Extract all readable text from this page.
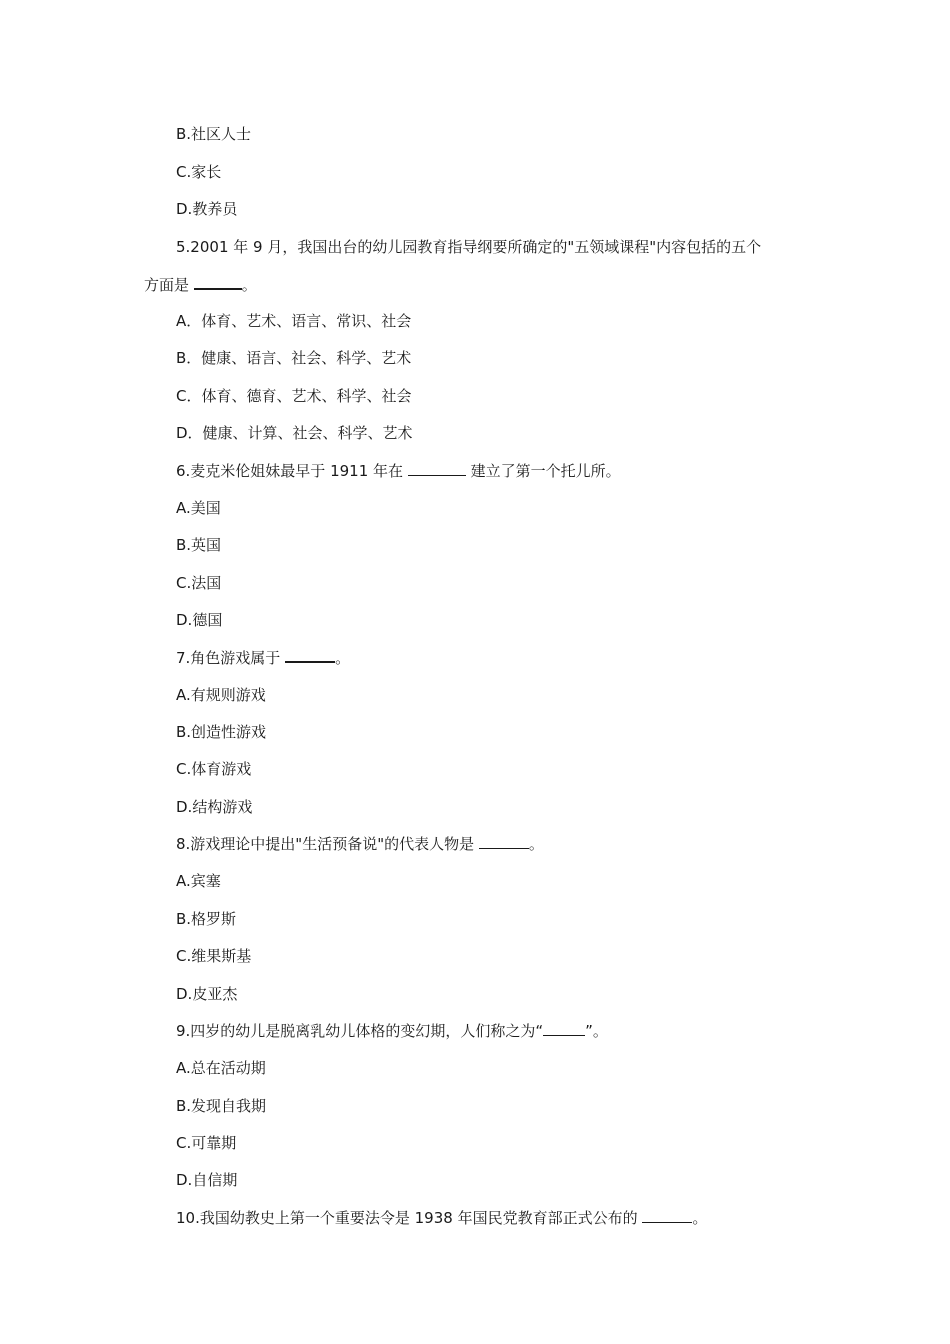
B.社区人士
C.家长
D.教养员
5.2001 年 9 月，我国出台的幼儿园教育指导纲要所确定的"五领域课程"内容包括的五个
方面是	。
A．体育、艺术、语言、常识、社会
B．健康、语言、社会、科学、艺术
C．体育、德育、艺术、科学、社会
D．健康、计算、社会、科学、艺术
6.麦克米伦姐妹最早于 1911 年在	建立了第一个托儿所。
A.美国
B.英国
C.法国
D.德国
7.角色游戏属于	。
A.有规则游戏
B.创造性游戏
C.体育游戏
D.结构游戏
8.游戏理论中提出"生活预备说"的代表人物是	。
A.宾塞
B.格罗斯
C.维果斯基
D.皮亚杰
9.四岁的幼儿是脱离乳幼儿体格的变幻期，人们称之为“	”。
A.总在活动期
B.发现自我期
C.可靠期
D.自信期
10.我国幼教史上第一个重要法令是 1938 年国民党教育部正式公布的	。
